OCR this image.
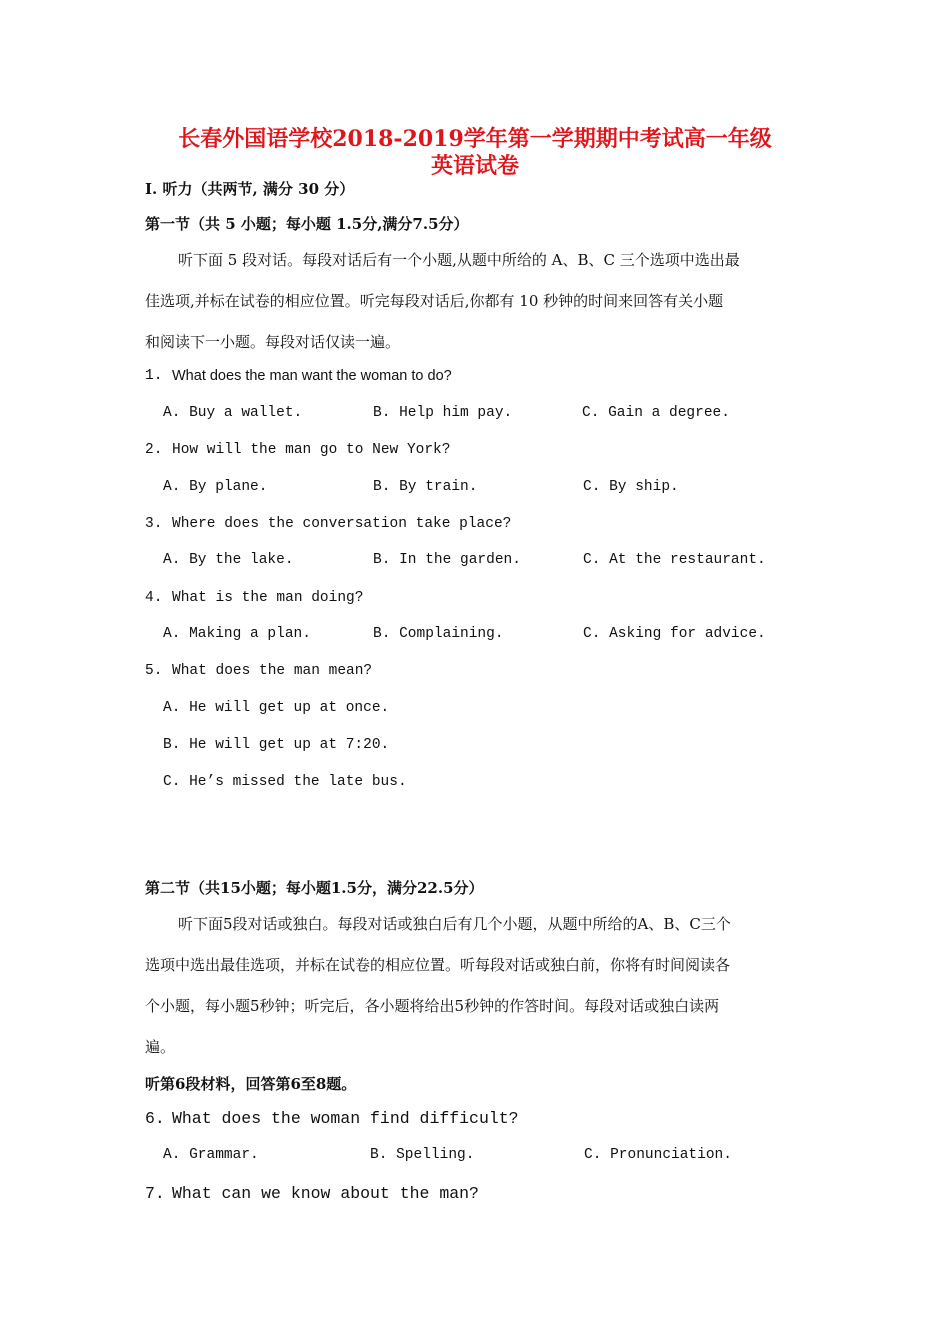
长春外国语学校2018-2019学年第一学期期中考试高一年级
英语试卷
I. 听力（共两节, 满分 30 分）
第一节（共 5 小题；每小题 1.5分,满分7.5分）
听下面 5 段对话。每段对话后有一个小题,从题中所给的 A、B、C 三个选项中选出最
佳选项,并标在试卷的相应位置。听完每段对话后,你都有 10 秒钟的时间来回答有关小题
和阅读下一小题。每段对话仅读一遍。
1. What does the man want the woman to do?
A. Buy a wallet.	B. Help him pay.	C. Gain a degree.
2. How will the man go to New York?
A. By plane.	B. By train.	C. By ship.
3. Where does the conversation take place?
A. By the lake.	B. In the garden.	C. At the restaurant.
4. What is the man doing?
A. Making a plan.	B. Complaining.	C. Asking for advice.
5. What does the man mean?
A. He will get up at once.
B. He will get up at 7:20.
C. He’s missed the late bus.
第二节（共15小题；每小题1.5分，满分22.5分）
听下面5段对话或独白。每段对话或独白后有几个小题，从题中所给的A、B、C三个
选项中选出最佳选项，并标在试卷的相应位置。听每段对话或独白前，你将有时间阅读各
个小题，每小题5秒钟；听完后，各小题将给出5秒钟的作答时间。每段对话或独白读两
遍。
听第6段材料，回答第6至8题。
6. What does the woman find difficult?
A. Grammar.	B. Spelling.	C. Pronunciation.
7. What can we know about the man?
